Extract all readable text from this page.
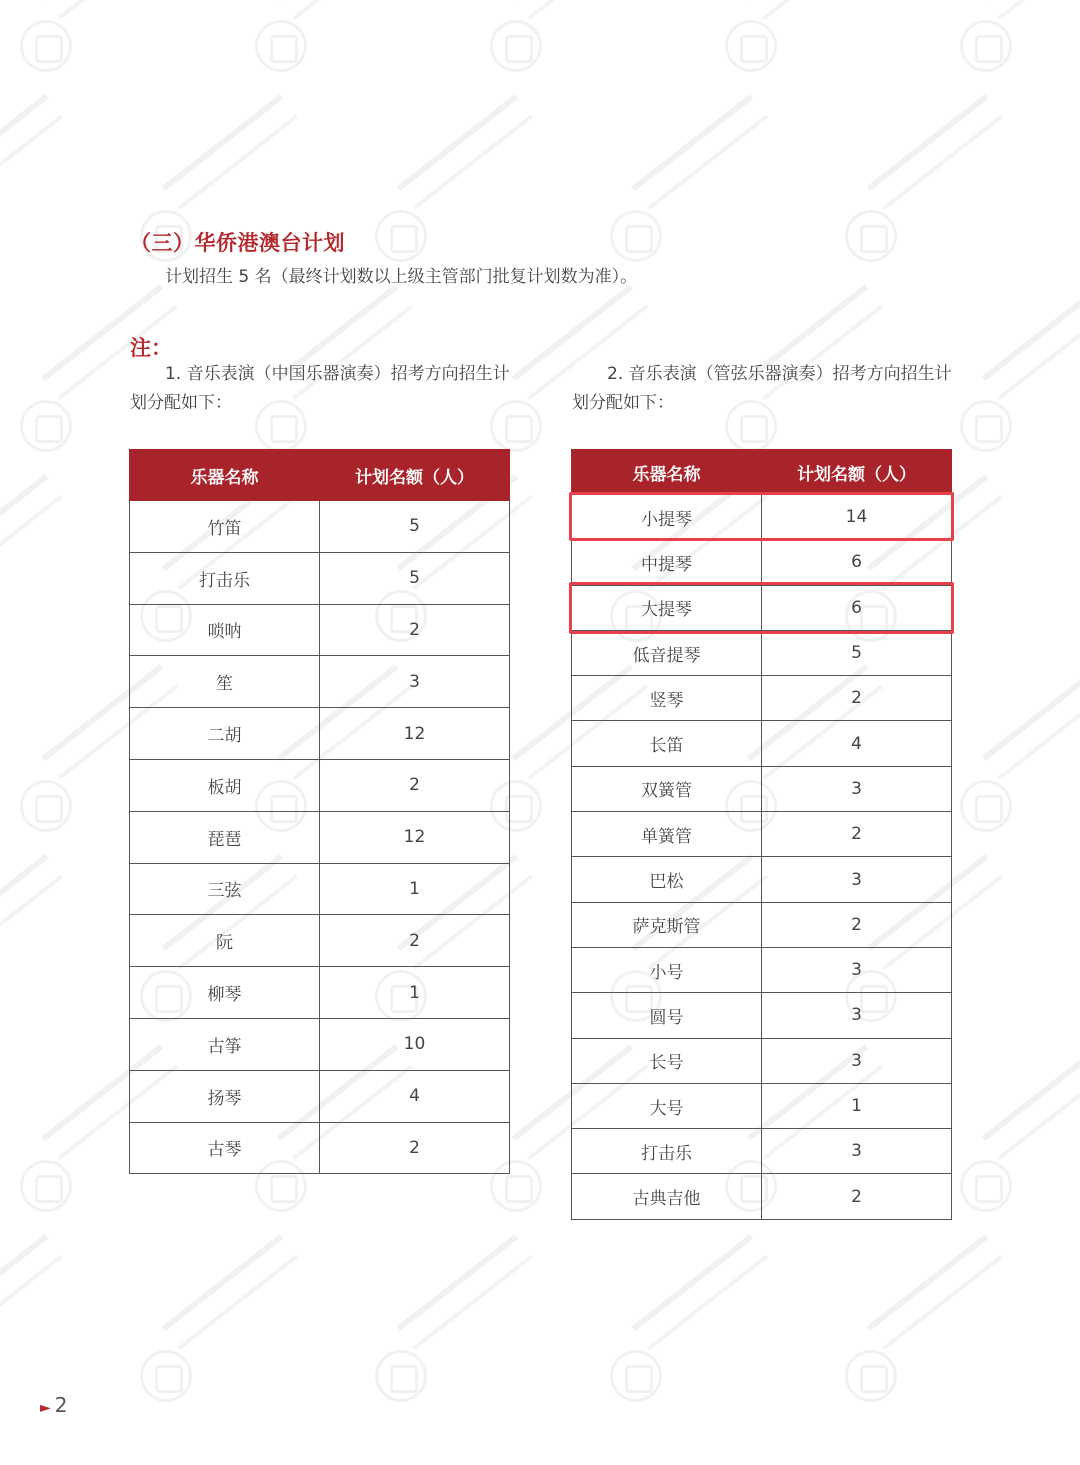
（三）华侨港澳台计划

计划招生 5 名（最终计划数以上级主管部门批复计划数为准）。

注：

1. 音乐表演（中国乐器演奏）招考方向招生计划分配如下：

2. 音乐表演（管弦乐器演奏）招考方向招生计划分配如下：

乐器名称	计划名额（人）
竹笛	5
打击乐	5
唢呐	2
笙	3
二胡	12
板胡	2
琵琶	12
三弦	1
阮	2
柳琴	1
古筝	10
扬琴	4
古琴	2
乐器名称	计划名额（人）
小提琴	14
中提琴	6
大提琴	6
低音提琴	5
竖琴	2
长笛	4
双簧管	3
单簧管	2
巴松	3
萨克斯管	2
小号	3
圆号	3
长号	3
大号	1
打击乐	3
古典吉他	2
► 2
